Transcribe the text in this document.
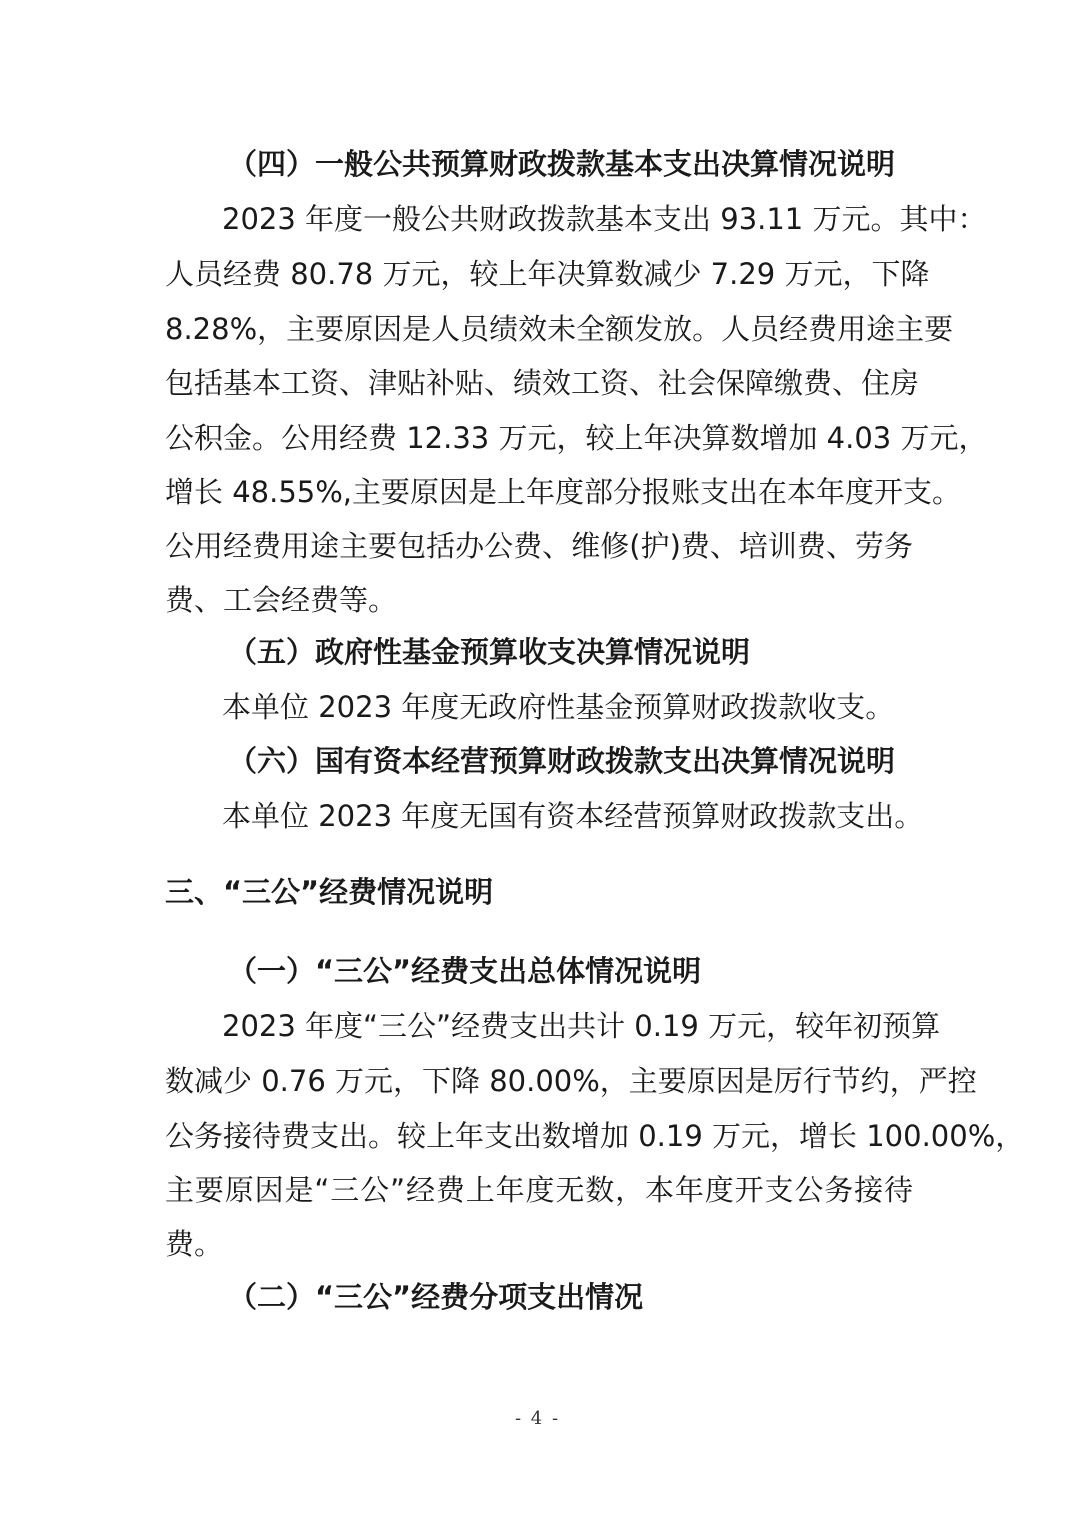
（四）一般公共预算财政拨款基本支出决算情况说明
2023 年度一般公共财政拨款基本支出 93.11 万元。其中：
人员经费 80.78 万元，较上年决算数减少 7.29 万元，下降
8.28%，主要原因是人员绩效未全额发放。人员经费用途主要
包括基本工资、津贴补贴、绩效工资、社会保障缴费、住房
公积金。公用经费 12.33 万元，较上年决算数增加 4.03 万元，
增长 48.55%,主要原因是上年度部分报账支出在本年度开支。
公用经费用途主要包括办公费、维修(护)费、培训费、劳务
费、工会经费等。
（五）政府性基金预算收支决算情况说明
本单位 2023 年度无政府性基金预算财政拨款收支。
（六）国有资本经营预算财政拨款支出决算情况说明
本单位 2023 年度无国有资本经营预算财政拨款支出。
三、“三公”经费情况说明
（一）“三公”经费支出总体情况说明
2023 年度“三公”经费支出共计 0.19 万元，较年初预算
数减少 0.76 万元，下降 80.00%，主要原因是厉行节约，严控
公务接待费支出。较上年支出数增加 0.19 万元，增长 100.00%，
主要原因是“三公”经费上年度无数，本年度开支公务接待
费。
（二）“三公”经费分项支出情况
- 4 -
